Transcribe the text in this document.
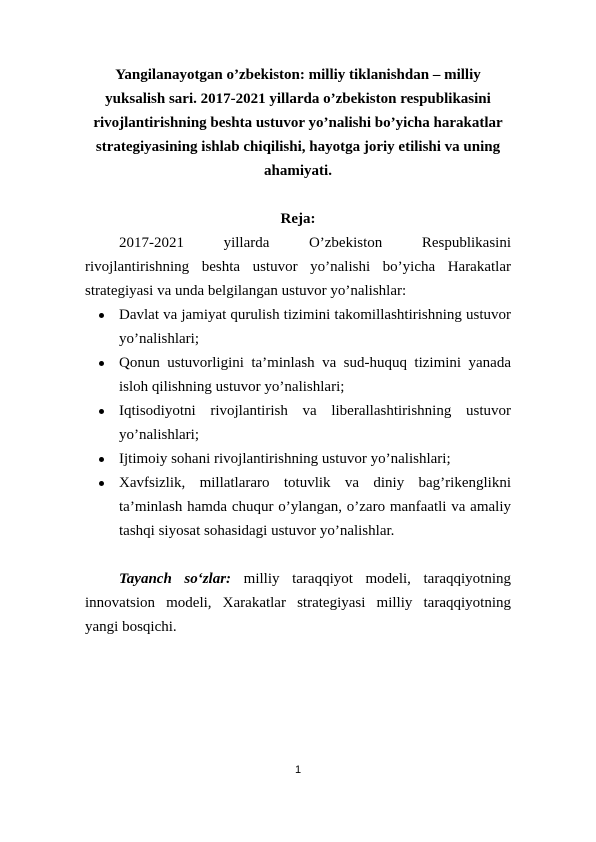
Yangilanayotgan o’zbekiston: milliy tiklanishdan – milliy yuksalish sari. 2017-2021 yillarda o’zbekiston respublikasini rivojlantirishning beshta ustuvor yo’nalishi bo’yicha harakatlar strategiyasining ishlab chiqilishi, hayotga joriy etilishi va uning ahamiyati.

Reja:

2017-2021 yillarda O’zbekiston Respublikasini rivojlantirishning beshta ustuvor yo’nalishi bo’yicha Harakatlar strategiyasi va unda belgilangan ustuvor yo’nalishlar:

Davlat va jamiyat qurulish tizimini takomillashtirishning ustuvor yo’nalishlari;
Qonun ustuvorligini ta’minlash va sud-huquq tizimini yanada isloh qilishning ustuvor yo’nalishlari;
Iqtisodiyotni rivojlantirish va liberallashtirishning ustuvor yo’nalishlari;
Ijtimoiy sohani rivojlantirishning ustuvor yo’nalishlari;
Xavfsizlik, millatlararo totuvlik va diniy bag’rikenglikni ta’minlash hamda chuqur o’ylangan, o’zaro manfaatli va amaliy tashqi siyosat sohasidagi ustuvor yo’nalishlar.

Tayanch so‘zlar: milliy taraqqiyot modeli, taraqqiyotning innovatsion modeli, Xarakatlar strategiyasi milliy taraqqiyotning yangi bosqichi.

1
